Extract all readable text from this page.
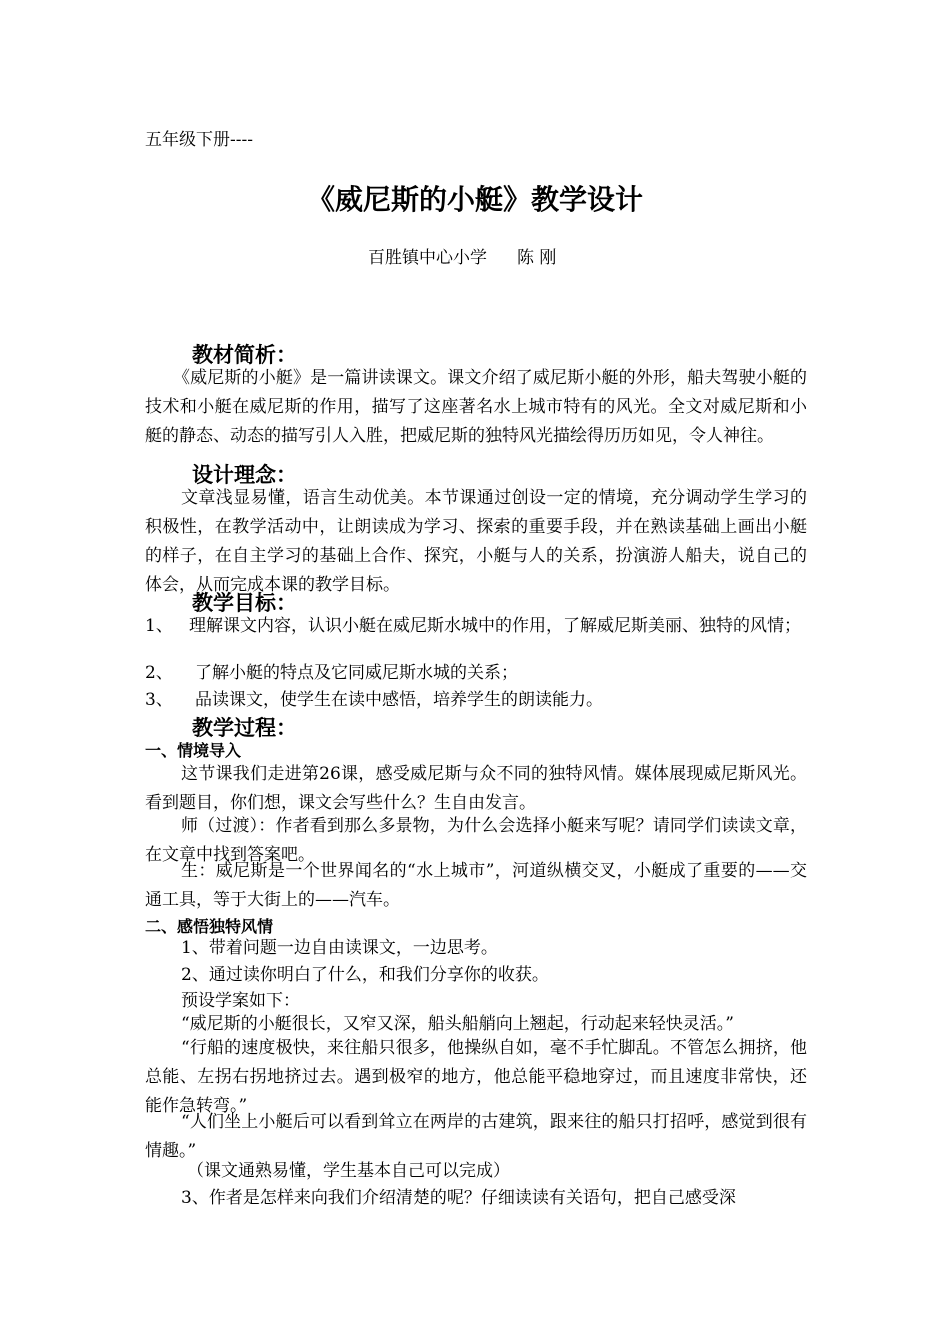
五年级下册----
《威尼斯的小艇》教学设计
百胜镇中心小学 陈 刚
教材简析：
《威尼斯的小艇》是一篇讲读课文。课文介绍了威尼斯小艇的外形，船夫驾驶小艇的技术和小艇在威尼斯的作用，描写了这座著名水上城市特有的风光。全文对威尼斯和小艇的静态、动态的描写引人入胜，把威尼斯的独特风光描绘得历历如见，令人神往。
设计理念：
文章浅显易懂，语言生动优美。本节课通过创设一定的情境，充分调动学生学习的积极性，在教学活动中，让朗读成为学习、探索的重要手段，并在熟读基础上画出小艇的样子，在自主学习的基础上合作、探究，小艇与人的关系，扮演游人船夫，说自己的体会，从而完成本课的教学目标。
教学目标：
1、 理解课文内容，认识小艇在威尼斯水城中的作用，了解威尼斯美丽、独特的风情；
2、 了解小艇的特点及它同威尼斯水城的关系；
3、 品读课文，使学生在读中感悟，培养学生的朗读能力。
教学过程：
一、情境导入
这节课我们走进第26课，感受威尼斯与众不同的独特风情。媒体展现威尼斯风光。看到题目，你们想，课文会写些什么？生自由发言。
师（过渡）：作者看到那么多景物，为什么会选择小艇来写呢？请同学们读读文章，在文章中找到答案吧。
生：威尼斯是一个世界闻名的“水上城市”，河道纵横交叉，小艇成了重要的——交通工具，等于大街上的——汽车。
二、感悟独特风情
1、带着问题一边自由读课文，一边思考。
2、通过读你明白了什么，和我们分享你的收获。
预设学案如下：
“威尼斯的小艇很长，又窄又深，船头船艄向上翘起，行动起来轻快灵活。”
“行船的速度极快，来往船只很多，他操纵自如，毫不手忙脚乱。不管怎么拥挤，他总能、左拐右拐地挤过去。遇到极窄的地方，他总能平稳地穿过，而且速度非常快，还能作急转弯。”
“人们坐上小艇后可以看到耸立在两岸的古建筑，跟来往的船只打招呼，感觉到很有情趣。”
（课文通熟易懂，学生基本自己可以完成）
3、作者是怎样来向我们介绍清楚的呢？仔细读读有关语句，把自己感受深
